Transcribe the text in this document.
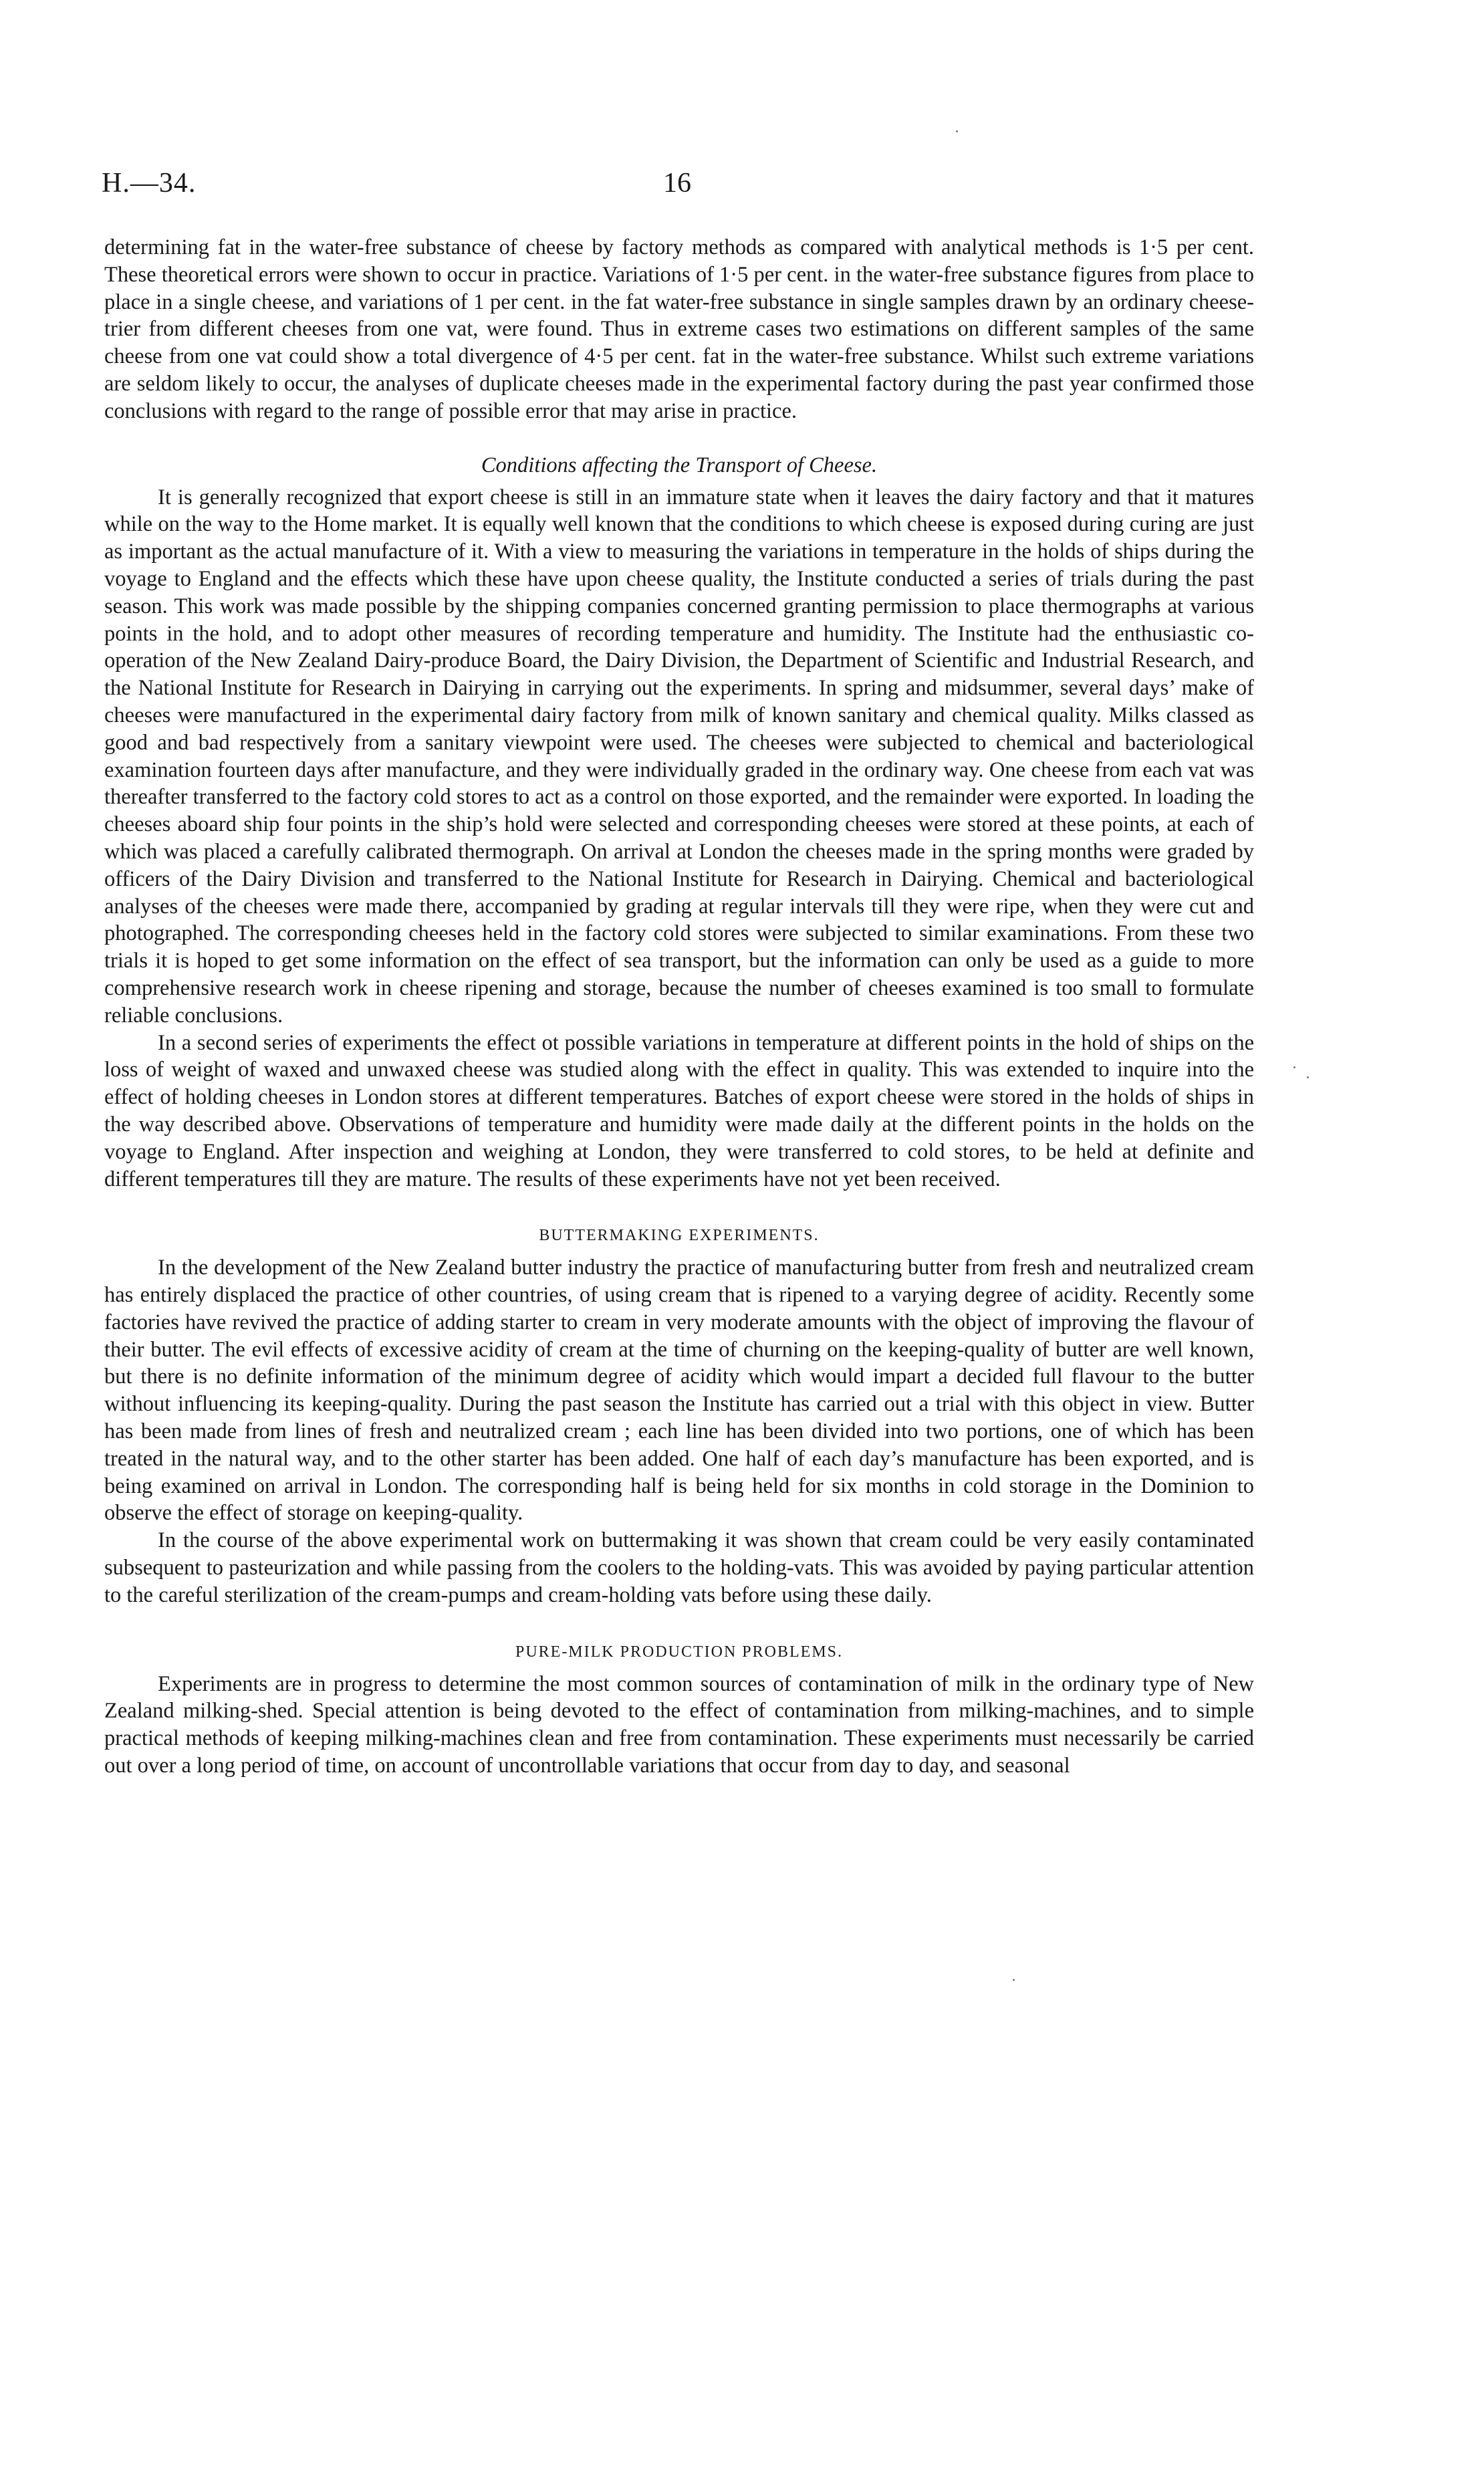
H.—34.	16

determining fat in the water-free substance of cheese by factory methods as compared with analytical methods is 1·5 per cent. These theoretical errors were shown to occur in practice. Variations of 1·5 per cent. in the water-free substance figures from place to place in a single cheese, and variations of 1 per cent. in the fat water-free substance in single samples drawn by an ordinary cheese-trier from different cheeses from one vat, were found. Thus in extreme cases two estimations on different samples of the same cheese from one vat could show a total divergence of 4·5 per cent. fat in the water-free substance. Whilst such extreme variations are seldom likely to occur, the analyses of duplicate cheeses made in the experimental factory during the past year confirmed those conclusions with regard to the range of possible error that may arise in practice.

Conditions affecting the Transport of Cheese.

It is generally recognized that export cheese is still in an immature state when it leaves the dairy factory and that it matures while on the way to the Home market. It is equally well known that the conditions to which cheese is exposed during curing are just as important as the actual manufacture of it. With a view to measuring the variations in temperature in the holds of ships during the voyage to England and the effects which these have upon cheese quality, the Institute conducted a series of trials during the past season. This work was made possible by the shipping companies concerned granting permission to place thermographs at various points in the hold, and to adopt other measures of recording temperature and humidity. The Institute had the enthusiastic co-operation of the New Zealand Dairy-produce Board, the Dairy Division, the Department of Scientific and Industrial Research, and the National Institute for Research in Dairying in carrying out the experiments. In spring and midsummer, several days’ make of cheeses were manufactured in the experimental dairy factory from milk of known sanitary and chemical quality. Milks classed as good and bad respectively from a sanitary viewpoint were used. The cheeses were subjected to chemical and bacteriological examination fourteen days after manufacture, and they were individually graded in the ordinary way. One cheese from each vat was thereafter transferred to the factory cold stores to act as a control on those exported, and the remainder were exported. In loading the cheeses aboard ship four points in the ship’s hold were selected and corresponding cheeses were stored at these points, at each of which was placed a carefully calibrated thermograph. On arrival at London the cheeses made in the spring months were graded by officers of the Dairy Division and transferred to the National Institute for Research in Dairying. Chemical and bacteriological analyses of the cheeses were made there, accompanied by grading at regular intervals till they were ripe, when they were cut and photographed. The corresponding cheeses held in the factory cold stores were subjected to similar examinations. From these two trials it is hoped to get some information on the effect of sea transport, but the information can only be used as a guide to more comprehensive research work in cheese ripening and storage, because the number of cheeses examined is too small to formulate reliable conclusions.

In a second series of experiments the effect ot possible variations in temperature at different points in the hold of ships on the loss of weight of waxed and unwaxed cheese was studied along with the effect in quality. This was extended to inquire into the effect of holding cheeses in London stores at different temperatures. Batches of export cheese were stored in the holds of ships in the way described above. Observations of temperature and humidity were made daily at the different points in the holds on the voyage to England. After inspection and weighing at London, they were transferred to cold stores, to be held at definite and different temperatures till they are mature. The results of these experiments have not yet been received.

BUTTERMAKING EXPERIMENTS.

In the development of the New Zealand butter industry the practice of manufacturing butter from fresh and neutralized cream has entirely displaced the practice of other countries, of using cream that is ripened to a varying degree of acidity. Recently some factories have revived the practice of adding starter to cream in very moderate amounts with the object of improving the flavour of their butter. The evil effects of excessive acidity of cream at the time of churning on the keeping-quality of butter are well known, but there is no definite information of the minimum degree of acidity which would impart a decided full flavour to the butter without influencing its keeping-quality. During the past season the Institute has carried out a trial with this object in view. Butter has been made from lines of fresh and neutralized cream ; each line has been divided into two portions, one of which has been treated in the natural way, and to the other starter has been added. One half of each day’s manufacture has been exported, and is being examined on arrival in London. The corresponding half is being held for six months in cold storage in the Dominion to observe the effect of storage on keeping-quality.

In the course of the above experimental work on buttermaking it was shown that cream could be very easily contaminated subsequent to pasteurization and while passing from the coolers to the holding-vats. This was avoided by paying particular attention to the careful sterilization of the cream-pumps and cream-holding vats before using these daily.

PURE-MILK PRODUCTION PROBLEMS.

Experiments are in progress to determine the most common sources of contamination of milk in the ordinary type of New Zealand milking-shed. Special attention is being devoted to the effect of contamination from milking-machines, and to simple practical methods of keeping milking-machines clean and free from contamination. These experiments must necessarily be carried out over a long period of time, on account of uncontrollable variations that occur from day to day, and seasonal
